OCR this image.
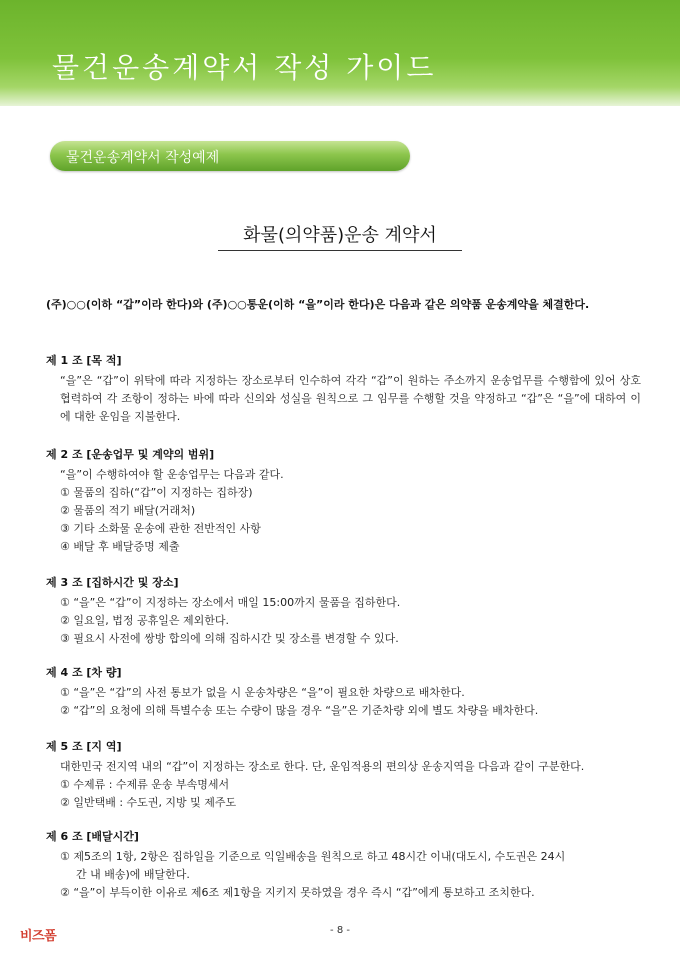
물건운송계약서 작성 가이드
물건운송계약서 작성예제
화물(의약품)운송 계약서
(주)○○(이하 “갑”이라 한다)와 (주)○○통운(이하 “을”이라 한다)은 다음과 같은 의약품 운송계약을 체결한다.
제 1 조 [목 적]
“을”은 “갑”이 위탁에 따라 지정하는 장소로부터 인수하여 각각 “갑”이 원하는 주소까지 운송업무를 수행함에 있어 상호 협력하여 각 조항이 정하는 바에 따라 신의와 성실을 원칙으로 그 임무를 수행할 것을 약정하고 “갑”은 “을”에 대하여 이에 대한 운임을 지불한다.
제 2 조 [운송업무 및 계약의 범위]
“을”이 수행하여야 할 운송업무는 다음과 같다.
① 물품의 집하(“갑”이 지정하는 집하장)
② 물품의 적기 배달(거래처)
③ 기타 소화물 운송에 관한 전반적인 사항
④ 배달 후 배달증명 제출
제 3 조 [집하시간 및 장소]
① “을”은 “갑”이 지정하는 장소에서 매일 15:00까지 물품을 집하한다.
② 일요일, 법정 공휴일은 제외한다.
③ 필요시 사전에 쌍방 합의에 의해 집하시간 및 장소를 변경할 수 있다.
제 4 조 [차 량]
① “을”은 “갑”의 사전 통보가 없을 시 운송차량은 “을”이 필요한 차량으로 배차한다.
② “갑”의 요청에 의해 특별수송 또는 수량이 많을 경우 “을”은 기준차량 외에 별도 차량을 배차한다.
제 5 조 [지 역]
대한민국 전지역 내의 “갑”이 지정하는 장소로 한다. 단, 운임적용의 편의상 운송지역을 다음과 같이 구분한다.
① 수제류 : 수제류 운송 부속명세서
② 일반택배 : 수도권, 지방 및 제주도
제 6 조 [배달시간]
① 제5조의 1항, 2항은 집하일을 기준으로 익일배송을 원칙으로 하고 48시간 이내(대도시, 수도권은 24시
간 내 배송)에 배달한다.
② “을”이 부득이한 이유로 제6조 제1항을 지키지 못하였을 경우 즉시 “갑”에게 통보하고 조치한다.
비즈폼	- 8 -
